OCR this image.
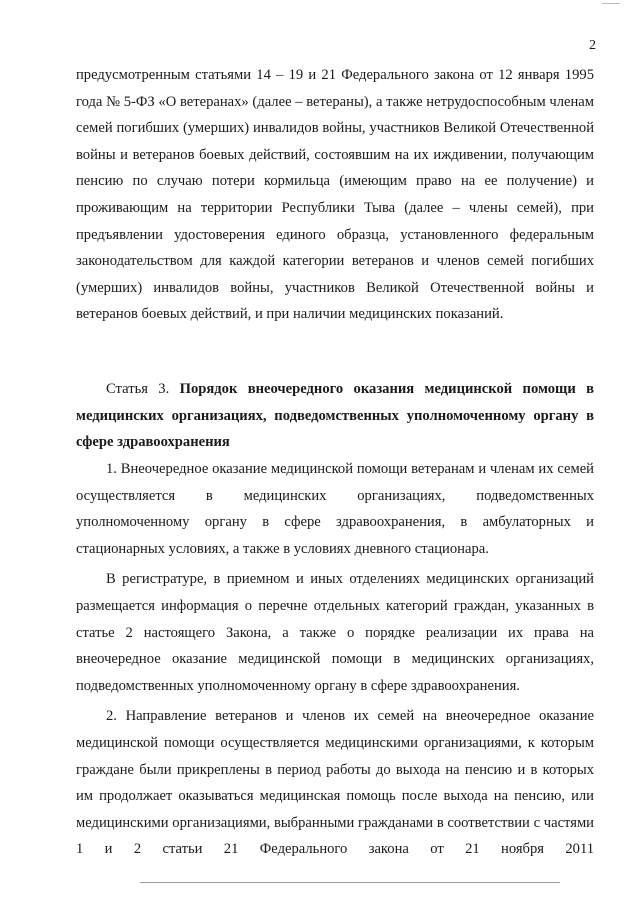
2

предусмотренным статьями 14 – 19 и 21 Федерального закона от 12 января 1995 года № 5-ФЗ «О ветеранах» (далее – ветераны), а также нетрудоспособным членам семей погибших (умерших) инвалидов войны, участников Великой Отечественной войны и ветеранов боевых действий, состоявшим на их иждивении, получающим пенсию по случаю потери кормильца (имеющим право на ее получение) и проживающим на территории Республики Тыва (далее – члены семей), при предъявлении удостоверения единого образца, установленного федеральным законодательством для каждой категории ветеранов и членов семей погибших (умерших) инвалидов войны, участников Великой Отечественной войны и ветеранов боевых действий, и при наличии медицинских показаний.

Статья 3. Порядок внеочередного оказания медицинской помощи в медицинских организациях, подведомственных уполномоченному органу в сфере здравоохранения

1. Внеочередное оказание медицинской помощи ветеранам и членам их семей осуществляется в медицинских организациях, подведомственных уполномоченному органу в сфере здравоохранения, в амбулаторных и стационарных условиях, а также в условиях дневного стационара.

В регистратуре, в приемном и иных отделениях медицинских организаций размещается информация о перечне отдельных категорий граждан, указанных в статье 2 настоящего Закона, а также о порядке реализации их права на внеочередное оказание медицинской помощи в медицинских организациях, подведомственных уполномоченному органу в сфере здравоохранения.

2. Направление ветеранов и членов их семей на внеочередное оказание медицинской помощи осуществляется медицинскими организациями, к которым граждане были прикреплены в период работы до выхода на пенсию и в которых им продолжает оказываться медицинская помощь после выхода на пенсию, или медицинскими организациями, выбранными гражданами в соответствии с частями 1 и 2 статьи 21 Федерального закона от 21 ноября 2011
